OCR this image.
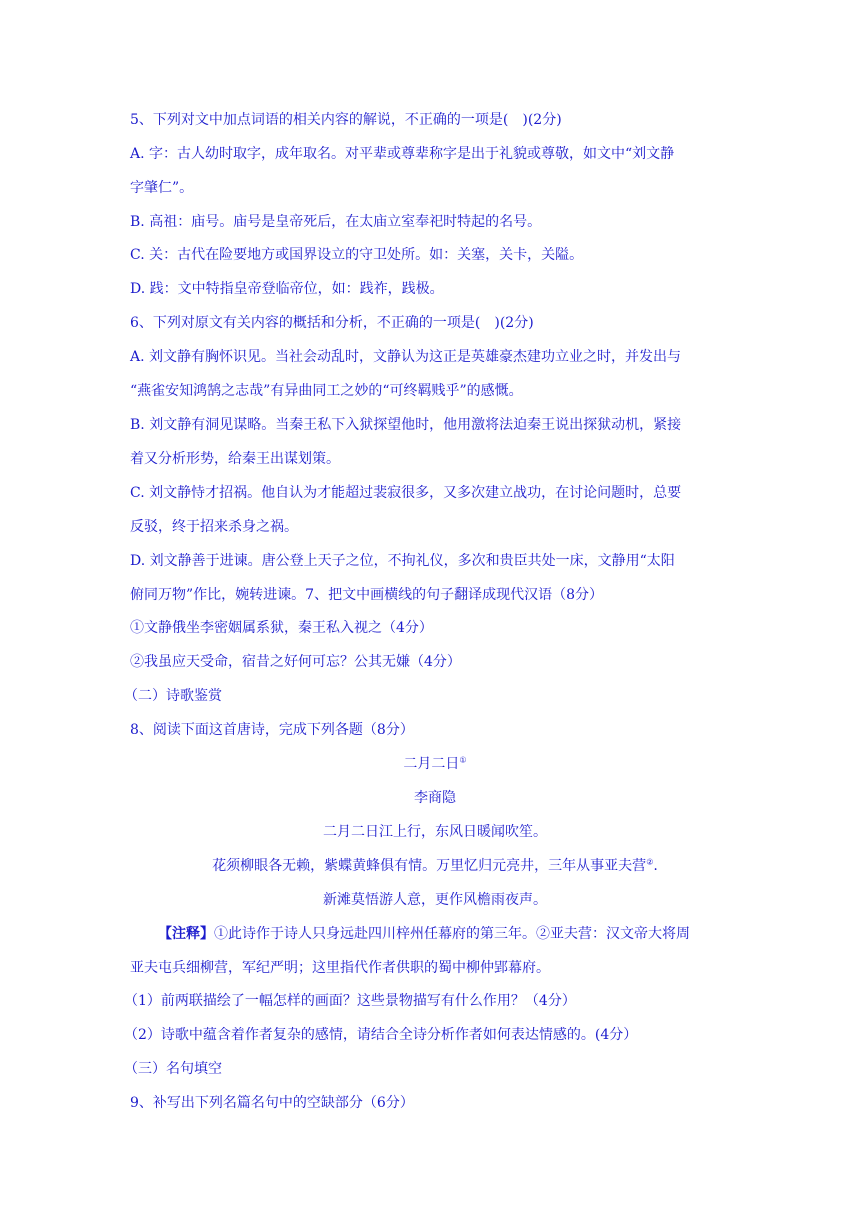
5、下列对文中加点词语的相关内容的解说，不正确的一项是(　)(2分)
A. 字：古人幼时取字，成年取名。对平辈或尊辈称字是出于礼貌或尊敬，如文中“刘文静
字肇仁”。
B. 高祖：庙号。庙号是皇帝死后，在太庙立室奉祀时特起的名号。
C. 关：古代在险要地方或国界设立的守卫处所。如：关塞，关卡，关隘。
D. 践：文中特指皇帝登临帝位，如：践祚，践极。
6、下列对原文有关内容的概括和分析，不正确的一项是(　)(2分)
A. 刘文静有胸怀识见。当社会动乱时，文静认为这正是英雄豪杰建功立业之时，并发出与
“燕雀安知鸿鹄之志哉”有异曲同工之妙的“可终羁贱乎”的感慨。
B. 刘文静有洞见谋略。当秦王私下入狱探望他时，他用激将法迫秦王说出探狱动机，紧接
着又分析形势，给秦王出谋划策。
C. 刘文静恃才招祸。他自认为才能超过裴寂很多，又多次建立战功，在讨论问题时，总要
反驳，终于招来杀身之祸。
D. 刘文静善于进谏。唐公登上天子之位，不拘礼仪，多次和贵臣共处一床，文静用“太阳
俯同万物”作比，婉转进谏。7、把文中画横线的句子翻译成现代汉语（8分）
①文静俄坐李密姻属系狱，秦王私入视之（4分）
②我虽应天受命，宿昔之好何可忘？公其无嫌（4分）
（二）诗歌鉴赏
8、阅读下面这首唐诗，完成下列各题（8分）
二月二日①
李商隐
二月二日江上行，东风日暖闻吹笙。
花须柳眼各无赖，紫蝶黄蜂俱有情。万里忆归元亮井，三年从事亚夫营②.
新滩莫悟游人意，更作风檐雨夜声。
【注释】①此诗作于诗人只身远赴四川梓州任幕府的第三年。②亚夫营：汉文帝大将周
亚夫屯兵细柳营，军纪严明；这里指代作者供职的蜀中柳仲郢幕府。
（1）前两联描绘了一幅怎样的画面？这些景物描写有什么作用？（4分）
（2）诗歌中蕴含着作者复杂的感情，请结合全诗分析作者如何表达情感的。(4分）
（三）名句填空
9、补写出下列名篇名句中的空缺部分（6分）
